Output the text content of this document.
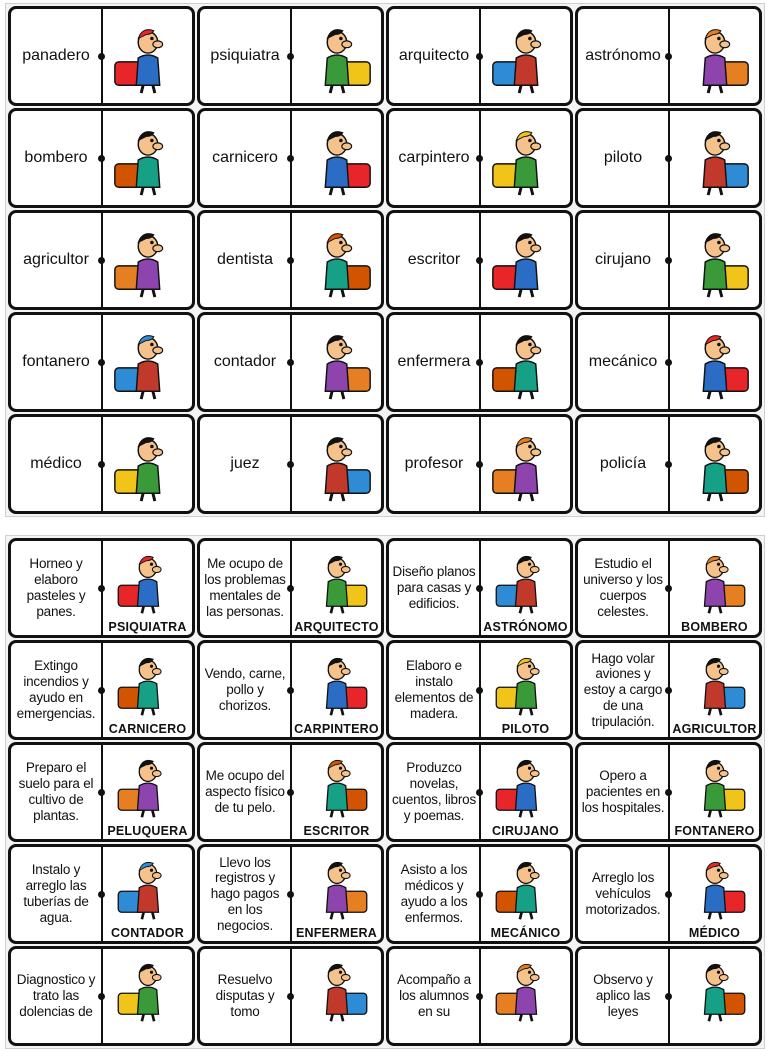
panadero	psiquiatra	arquitecto	astrónomo
bombero	carnicero	carpintero	piloto
agricultor	dentista	escritor	cirujano
fontanero	contador	enfermera	mecánico
médico	juez	profesor	policía
Horneo y elaboro pasteles y panes.
PSIQUIATRA
Me ocupo de los problemas mentales de las personas.
ARQUITECTO
Diseño planos para casas y edificios.
ASTRÓNOMO
Estudio el universo y los cuerpos celestes.
BOMBERO
Extingo incendios y ayudo en emergencias.
CARNICERO
Vendo, carne, pollo y chorizos.
CARPINTERO
Elaboro e instalo elementos de madera.
PILOTO
Hago volar aviones y estoy a cargo de una tripulación.
AGRICULTOR
Preparo el suelo para el cultivo de plantas.
PELUQUERA
Me ocupo del aspecto físico de tu pelo.
ESCRITOR
Produzco novelas, cuentos, libros y poemas.
CIRUJANO
Opero a pacientes en los hospitales.
FONTANERO
Instalo y arreglo las tuberías de agua.
CONTADOR
Llevo los registros y hago pagos en los negocios.
ENFERMERA
Asisto a los médicos y ayudo a los enfermos.
MECÁNICO
Arreglo los vehículos motorizados.
MÉDICO
Diagnostico y trato las dolencias de
Resuelvo disputas y tomo
Acompaño a los alumnos en su
Observo y aplico las leyes
